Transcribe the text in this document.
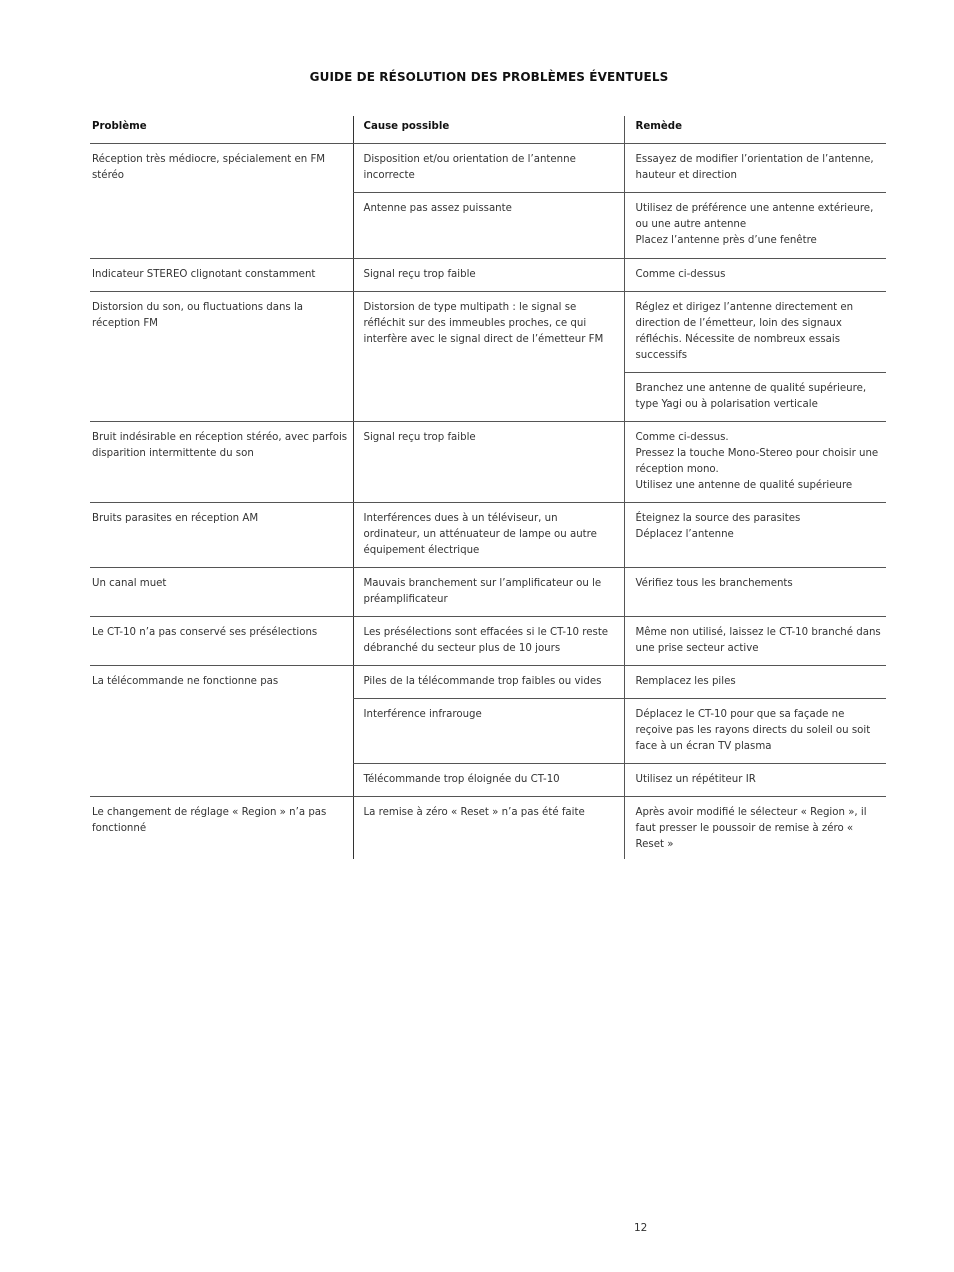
GUIDE DE RÉSOLUTION DES PROBLÈMES ÉVENTUELS
Problème	Cause possible	Remède
Réception très médiocre, spécialement en FM stéréo	Disposition et/ou orientation de l’antenne incorrecte	Essayez de modifier l’orientation de l’antenne, hauteur et direction

	Antenne pas assez puissante	Utilisez de préférence une antenne extérieure, ou une autre antenne
Placez l’antenne près d’une fenêtre

Indicateur STEREO clignotant constamment	Signal reçu trop faible	Comme ci-dessus

Distorsion du son, ou fluctuations dans la réception FM	Distorsion de type multipath : le signal se réfléchit sur des immeubles proches, ce qui interfère avec le signal direct de l’émetteur FM	Réglez et dirigez l’antenne directement en direction de l’émetteur, loin des signaux réfléchis. Nécessite de nombreux essais successifs

		Branchez une antenne de qualité supérieure, type Yagi ou à polarisation verticale

Bruit indésirable en réception stéréo, avec parfois disparition intermittente du son	Signal reçu trop faible	Comme ci-dessus.
Pressez la touche Mono-Stereo pour choisir une réception mono.
Utilisez une antenne de qualité supérieure

Bruits parasites en réception AM	Interférences dues à un téléviseur, un ordinateur, un atténuateur de lampe ou autre équipement électrique	Éteignez la source des parasites
Déplacez l’antenne

Un canal muet	Mauvais branchement sur l’amplificateur ou le préamplificateur	Vérifiez tous les branchements

Le CT-10 n’a pas conservé ses présélections	Les présélections sont effacées si le CT-10 reste débranché du secteur plus de 10 jours	Même non utilisé, laissez le CT-10 branché dans une prise secteur active

La télécommande ne fonctionne pas	Piles de la télécommande trop faibles ou vides	Remplacez les piles

	Interférence infrarouge	Déplacez le CT-10 pour que sa façade ne reçoive pas les rayons directs du soleil ou soit face à un écran TV plasma

	Télécommande trop éloignée du CT-10	Utilisez un répétiteur IR

Le changement de réglage « Region » n’a pas fonctionné	La remise à zéro « Reset » n’a pas été faite	Après avoir modifié le sélecteur « Region », il faut presser le poussoir de remise à zéro « Reset »
12
